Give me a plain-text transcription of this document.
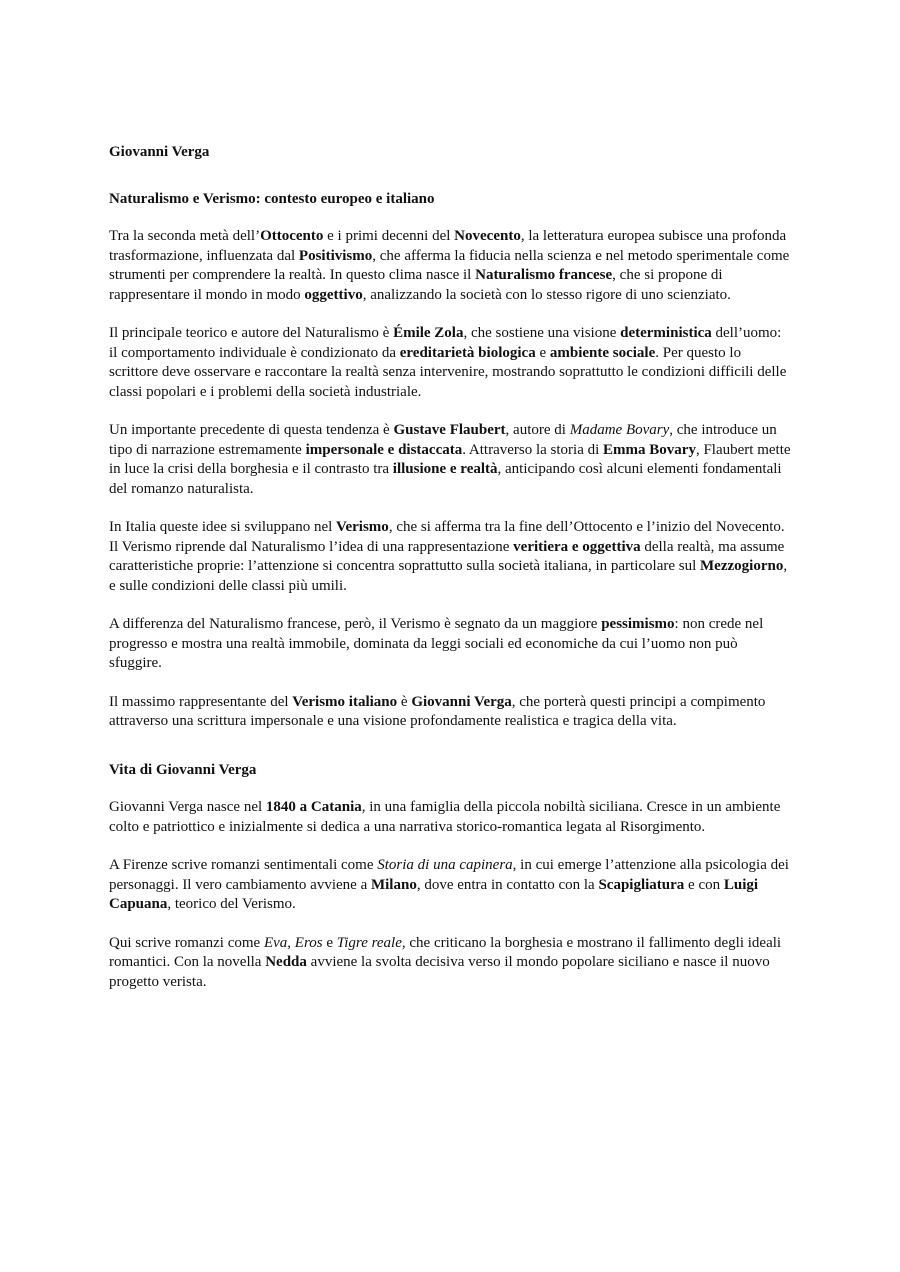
Giovanni Verga
Naturalismo e Verismo: contesto europeo e italiano

Tra la seconda metà dell’Ottocento e i primi decenni del Novecento, la letteratura europea subisce una profonda trasformazione, influenzata dal Positivismo, che afferma la fiducia nella scienza e nel metodo sperimentale come strumenti per comprendere la realtà. In questo clima nasce il Naturalismo francese, che si propone di rappresentare il mondo in modo oggettivo, analizzando la società con lo stesso rigore di uno scienziato.

Il principale teorico e autore del Naturalismo è Émile Zola, che sostiene una visione deterministica dell’uomo: il comportamento individuale è condizionato da ereditarietà biologica e ambiente sociale. Per questo lo scrittore deve osservare e raccontare la realtà senza intervenire, mostrando soprattutto le condizioni difficili delle classi popolari e i problemi della società industriale.

Un importante precedente di questa tendenza è Gustave Flaubert, autore di Madame Bovary, che introduce un tipo di narrazione estremamente impersonale e distaccata. Attraverso la storia di Emma Bovary, Flaubert mette in luce la crisi della borghesia e il contrasto tra illusione e realtà, anticipando così alcuni elementi fondamentali del romanzo naturalista.

In Italia queste idee si sviluppano nel Verismo, che si afferma tra la fine dell’Ottocento e l’inizio del Novecento. Il Verismo riprende dal Naturalismo l’idea di una rappresentazione veritiera e oggettiva della realtà, ma assume caratteristiche proprie: l’attenzione si concentra soprattutto sulla società italiana, in particolare sul Mezzogiorno, e sulle condizioni delle classi più umili.

A differenza del Naturalismo francese, però, il Verismo è segnato da un maggiore pessimismo: non crede nel progresso e mostra una realtà immobile, dominata da leggi sociali ed economiche da cui l’uomo non può sfuggire.

Il massimo rappresentante del Verismo italiano è Giovanni Verga, che porterà questi principi a compimento attraverso una scrittura impersonale e una visione profondamente realistica e tragica della vita.

Vita di Giovanni Verga

Giovanni Verga nasce nel 1840 a Catania, in una famiglia della piccola nobiltà siciliana. Cresce in un ambiente colto e patriottico e inizialmente si dedica a una narrativa storico-romantica legata al Risorgimento.

A Firenze scrive romanzi sentimentali come Storia di una capinera, in cui emerge l’attenzione alla psicologia dei personaggi. Il vero cambiamento avviene a Milano, dove entra in contatto con la Scapigliatura e con Luigi Capuana, teorico del Verismo.

Qui scrive romanzi come Eva, Eros e Tigre reale, che criticano la borghesia e mostrano il fallimento degli ideali romantici. Con la novella Nedda avviene la svolta decisiva verso il mondo popolare siciliano e nasce il nuovo progetto verista.
